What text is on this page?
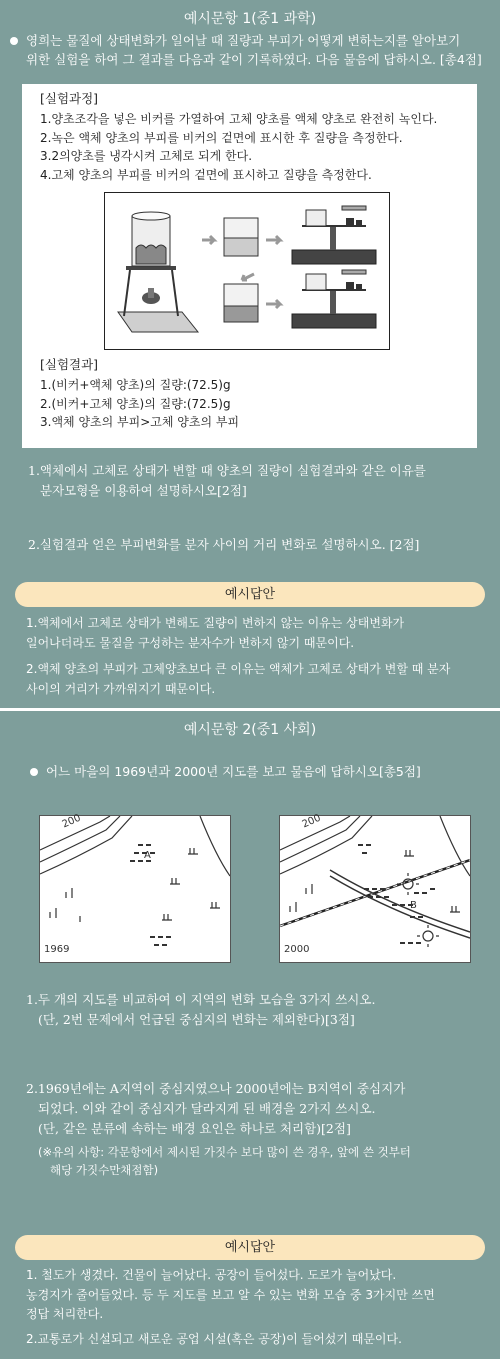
예시문항 1(중1 과학)
영희는 물질에 상태변화가 일어날 때 질량과 부피가 어떻게 변하는지를 알아보기
위한 실험을 하여 그 결과를 다음과 같이 기록하였다. 다음 물음에 답하시오. [총4점]
[실험과정]
1.양초조각을 넣은 비커를 가열하여 고체 양초를 액체 양초로 완전히 녹인다.
2.녹은 액체 양초의 부피를 비커의 겉면에 표시한 후 질량을 측정한다.
3.2의양초를 냉각시켜 고체로 되게 한다.
4.고체 양초의 부피를 비커의 겉면에 표시하고 질량을 측정한다.
[실험결과]
1.(비커+액체 양초)의 질량:(72.5)g
2.(비커+고체 양초)의 질량:(72.5)g
3.액체 양초의 부피>고체 양초의 부피
1.액체에서 고체로 상태가 변할 때 양초의 질량이 실험결과와 같은 이유를
분자모형을 이용하여 설명하시오[2점]
2.실험결과 얻은 부피변화를 분자 사이의 거리 변화로 설명하시오. [2점]
예시답안
1.액체에서 고체로 상태가 변해도 질량이 변하지 않는 이유는 상태변화가
일어나더라도 물질을 구성하는 분자수가 변하지 않기 때문이다.
2.액체 양초의 부피가 고체양초보다 큰 이유는 액체가 고체로 상태가 변할 때 분자
사이의 거리가 가까워지기 때문이다.
예시문항 2(중1 사회)
어느 마을의 1969년과 2000년 지도를 보고 물음에 답하시오[총5점]
200
A
1969
200
B
2000
1.두 개의 지도를 비교하여 이 지역의 변화 모습을 3가지 쓰시오.
(단, 2번 문제에서 언급된 중심지의 변화는 제외한다)[3점]
2.1969년에는 A지역이 중심지였으나 2000년에는 B지역이 중심지가
되었다. 이와 같이 중심지가 달라지게 된 배경을 2가지 쓰시오.
(단, 같은 분류에 속하는 배경 요인은 하나로 처리함)[2점]
(※유의 사항: 각문항에서 제시된 가짓수 보다 많이 쓴 경우, 앞에 쓴 것부터
해당 가짓수만채점함)
예시답안
1. 철도가 생겼다. 건물이 늘어났다. 공장이 들어섰다. 도로가 늘어났다.
농경지가 줄어들었다. 등 두 지도를 보고 알 수 있는 변화 모습 중 3가지만 쓰면
정답 처리한다.
2.교통로가 신설되고 새로운 공업 시설(혹은 공장)이 들어섰기 때문이다.
